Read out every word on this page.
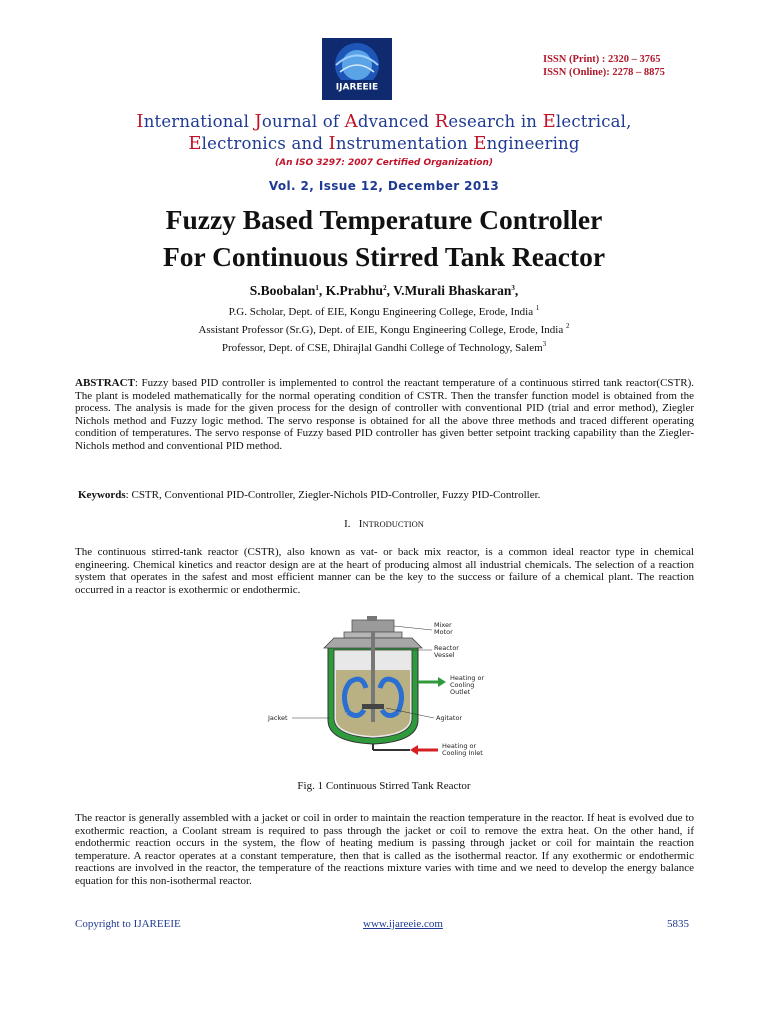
IJAREEIE
ISSN (Print) : 2320 – 3765
ISSN (Online): 2278 – 8875
International Journal of Advanced Research in Electrical,
Electronics and Instrumentation Engineering
(An ISO 3297: 2007 Certified Organization)
Vol. 2, Issue 12, December 2013
Fuzzy Based Temperature Controller
For Continuous Stirred Tank Reactor
S.Boobalan$^1$, K.Prabhu$^2$, V.Murali Bhaskaran$^3$,
P.G. Scholar, Dept. of EIE, Kongu Engineering College, Erode, India $^1$
Assistant Professor (Sr.G), Dept. of EIE, Kongu Engineering College, Erode, India $^2$
Professor, Dept. of CSE, Dhirajlal Gandhi College of Technology, Salem$^3$
ABSTRACT: Fuzzy based PID controller is implemented to control the reactant temperature of a continuous stirred tank reactor(CSTR). The plant is modeled mathematically for the normal operating condition of CSTR. Then the transfer function model is obtained from the process. The analysis is made for the given process for the design of controller with conventional PID (trial and error method), Ziegler Nichols method and Fuzzy logic method. The servo response is obtained for all the above three methods and traced different operating condition of temperatures. The servo response of Fuzzy based PID controller has given better setpoint tracking capability than the Ziegler-Nichols method and conventional PID method.
Keywords: CSTR, Conventional PID-Controller, Ziegler-Nichols PID-Controller, Fuzzy PID-Controller.
I. INTRODUCTION
The continuous stirred-tank reactor (CSTR), also known as vat- or back mix reactor, is a common ideal reactor type in chemical engineering. Chemical kinetics and reactor design are at the heart of producing almost all industrial chemicals. The selection of a reaction system that operates in the safest and most efficient manner can be the key to the success or failure of a chemical plant. The reaction occurred in a reactor is exothermic or endothermic.
Mixer
Motor
Reactor
Vessel
Heating or
Cooling
Outlet
Jacket	Agitator
Heating or
Cooling Inlet
Fig. 1 Continuous Stirred Tank Reactor
The reactor is generally assembled with a jacket or coil in order to maintain the reaction temperature in the reactor. If heat is evolved due to exothermic reaction, a Coolant stream is required to pass through the jacket or coil to remove the extra heat. On the other hand, if endothermic reaction occurs in the system, the flow of heating medium is passing through jacket or coil for maintain the reaction temperature. A reactor operates at a constant temperature, then that is called as the isothermal reactor. If any exothermic or endothermic reactions are involved in the reactor, the temperature of the reactions mixture varies with time and we need to develop the energy balance equation for this non-isothermal reactor.
Copyright to IJAREEIE	www.ijareeie.com	5835
